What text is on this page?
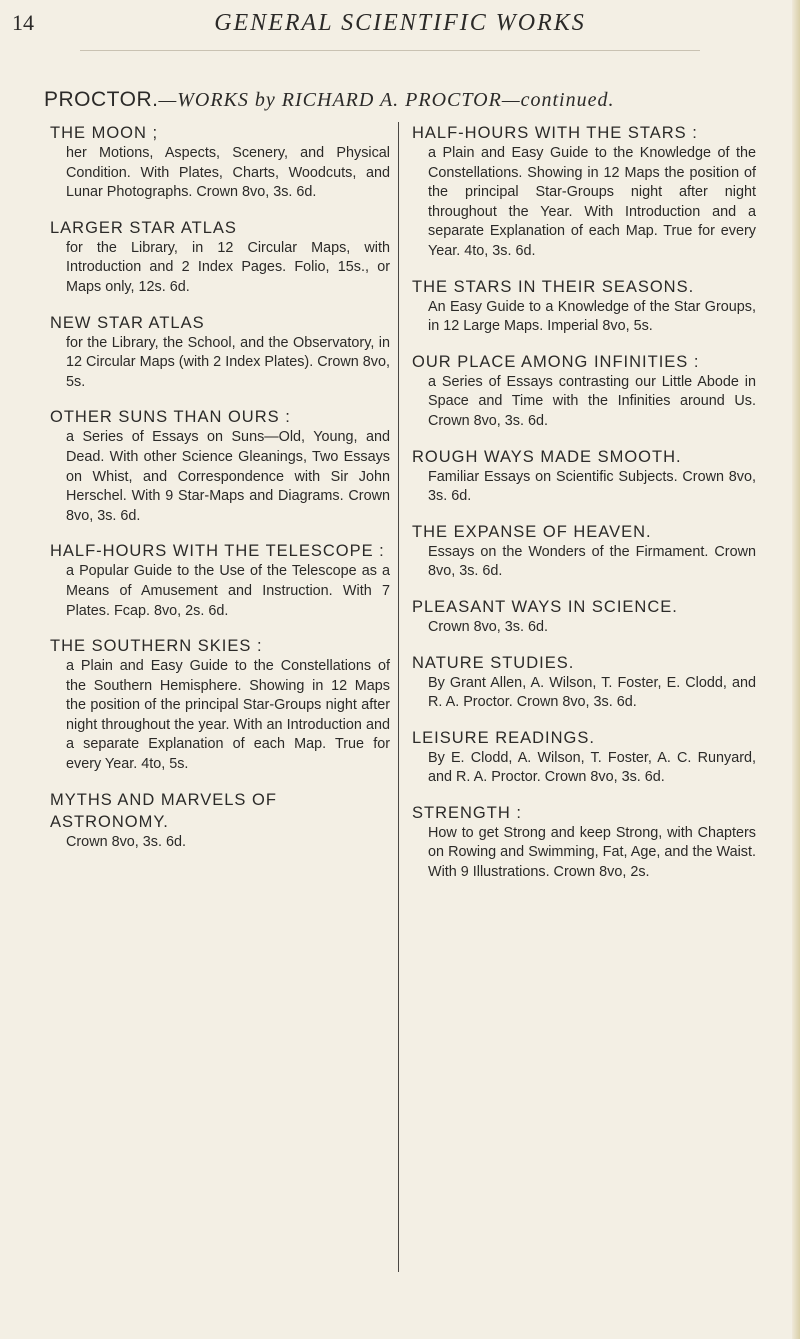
14	GENERAL SCIENTIFIC WORKS
PROCTOR.—WORKS by RICHARD A. PROCTOR—continued.
THE MOON ;
her Motions, Aspects, Scenery, and Physical Condition. With Plates, Charts, Woodcuts, and Lunar Photographs. Crown 8vo, 3s. 6d.
LARGER STAR ATLAS
for the Library, in 12 Circular Maps, with Introduction and 2 Index Pages. Folio, 15s., or Maps only, 12s. 6d.
NEW STAR ATLAS
for the Library, the School, and the Observatory, in 12 Circular Maps (with 2 Index Plates). Crown 8vo, 5s.
OTHER SUNS THAN OURS :
a Series of Essays on Suns—Old, Young, and Dead. With other Science Gleanings, Two Essays on Whist, and Correspondence with Sir John Herschel. With 9 Star-Maps and Diagrams. Crown 8vo, 3s. 6d.
HALF-HOURS WITH THE TELESCOPE :
a Popular Guide to the Use of the Telescope as a Means of Amusement and Instruction. With 7 Plates. Fcap. 8vo, 2s. 6d.
THE SOUTHERN SKIES :
a Plain and Easy Guide to the Constellations of the Southern Hemisphere. Showing in 12 Maps the position of the principal Star-Groups night after night throughout the year. With an Introduction and a separate Explanation of each Map. True for every Year. 4to, 5s.
MYTHS AND MARVELS OF ASTRONOMY.
Crown 8vo, 3s. 6d.
HALF-HOURS WITH THE STARS :
a Plain and Easy Guide to the Knowledge of the Constellations. Showing in 12 Maps the position of the principal Star-Groups night after night throughout the Year. With Introduction and a separate Explanation of each Map. True for every Year. 4to, 3s. 6d.
THE STARS IN THEIR SEASONS.
An Easy Guide to a Knowledge of the Star Groups, in 12 Large Maps. Imperial 8vo, 5s.
OUR PLACE AMONG INFINITIES :
a Series of Essays contrasting our Little Abode in Space and Time with the Infinities around Us. Crown 8vo, 3s. 6d.
ROUGH WAYS MADE SMOOTH.
Familiar Essays on Scientific Subjects. Crown 8vo, 3s. 6d.
THE EXPANSE OF HEAVEN.
Essays on the Wonders of the Firmament. Crown 8vo, 3s. 6d.
PLEASANT WAYS IN SCIENCE.
Crown 8vo, 3s. 6d.
NATURE STUDIES.
By Grant Allen, A. Wilson, T. Foster, E. Clodd, and R. A. Proctor. Crown 8vo, 3s. 6d.
LEISURE READINGS.
By E. Clodd, A. Wilson, T. Foster, A. C. Runyard, and R. A. Proctor. Crown 8vo, 3s. 6d.
STRENGTH :
How to get Strong and keep Strong, with Chapters on Rowing and Swimming, Fat, Age, and the Waist. With 9 Illustrations. Crown 8vo, 2s.
